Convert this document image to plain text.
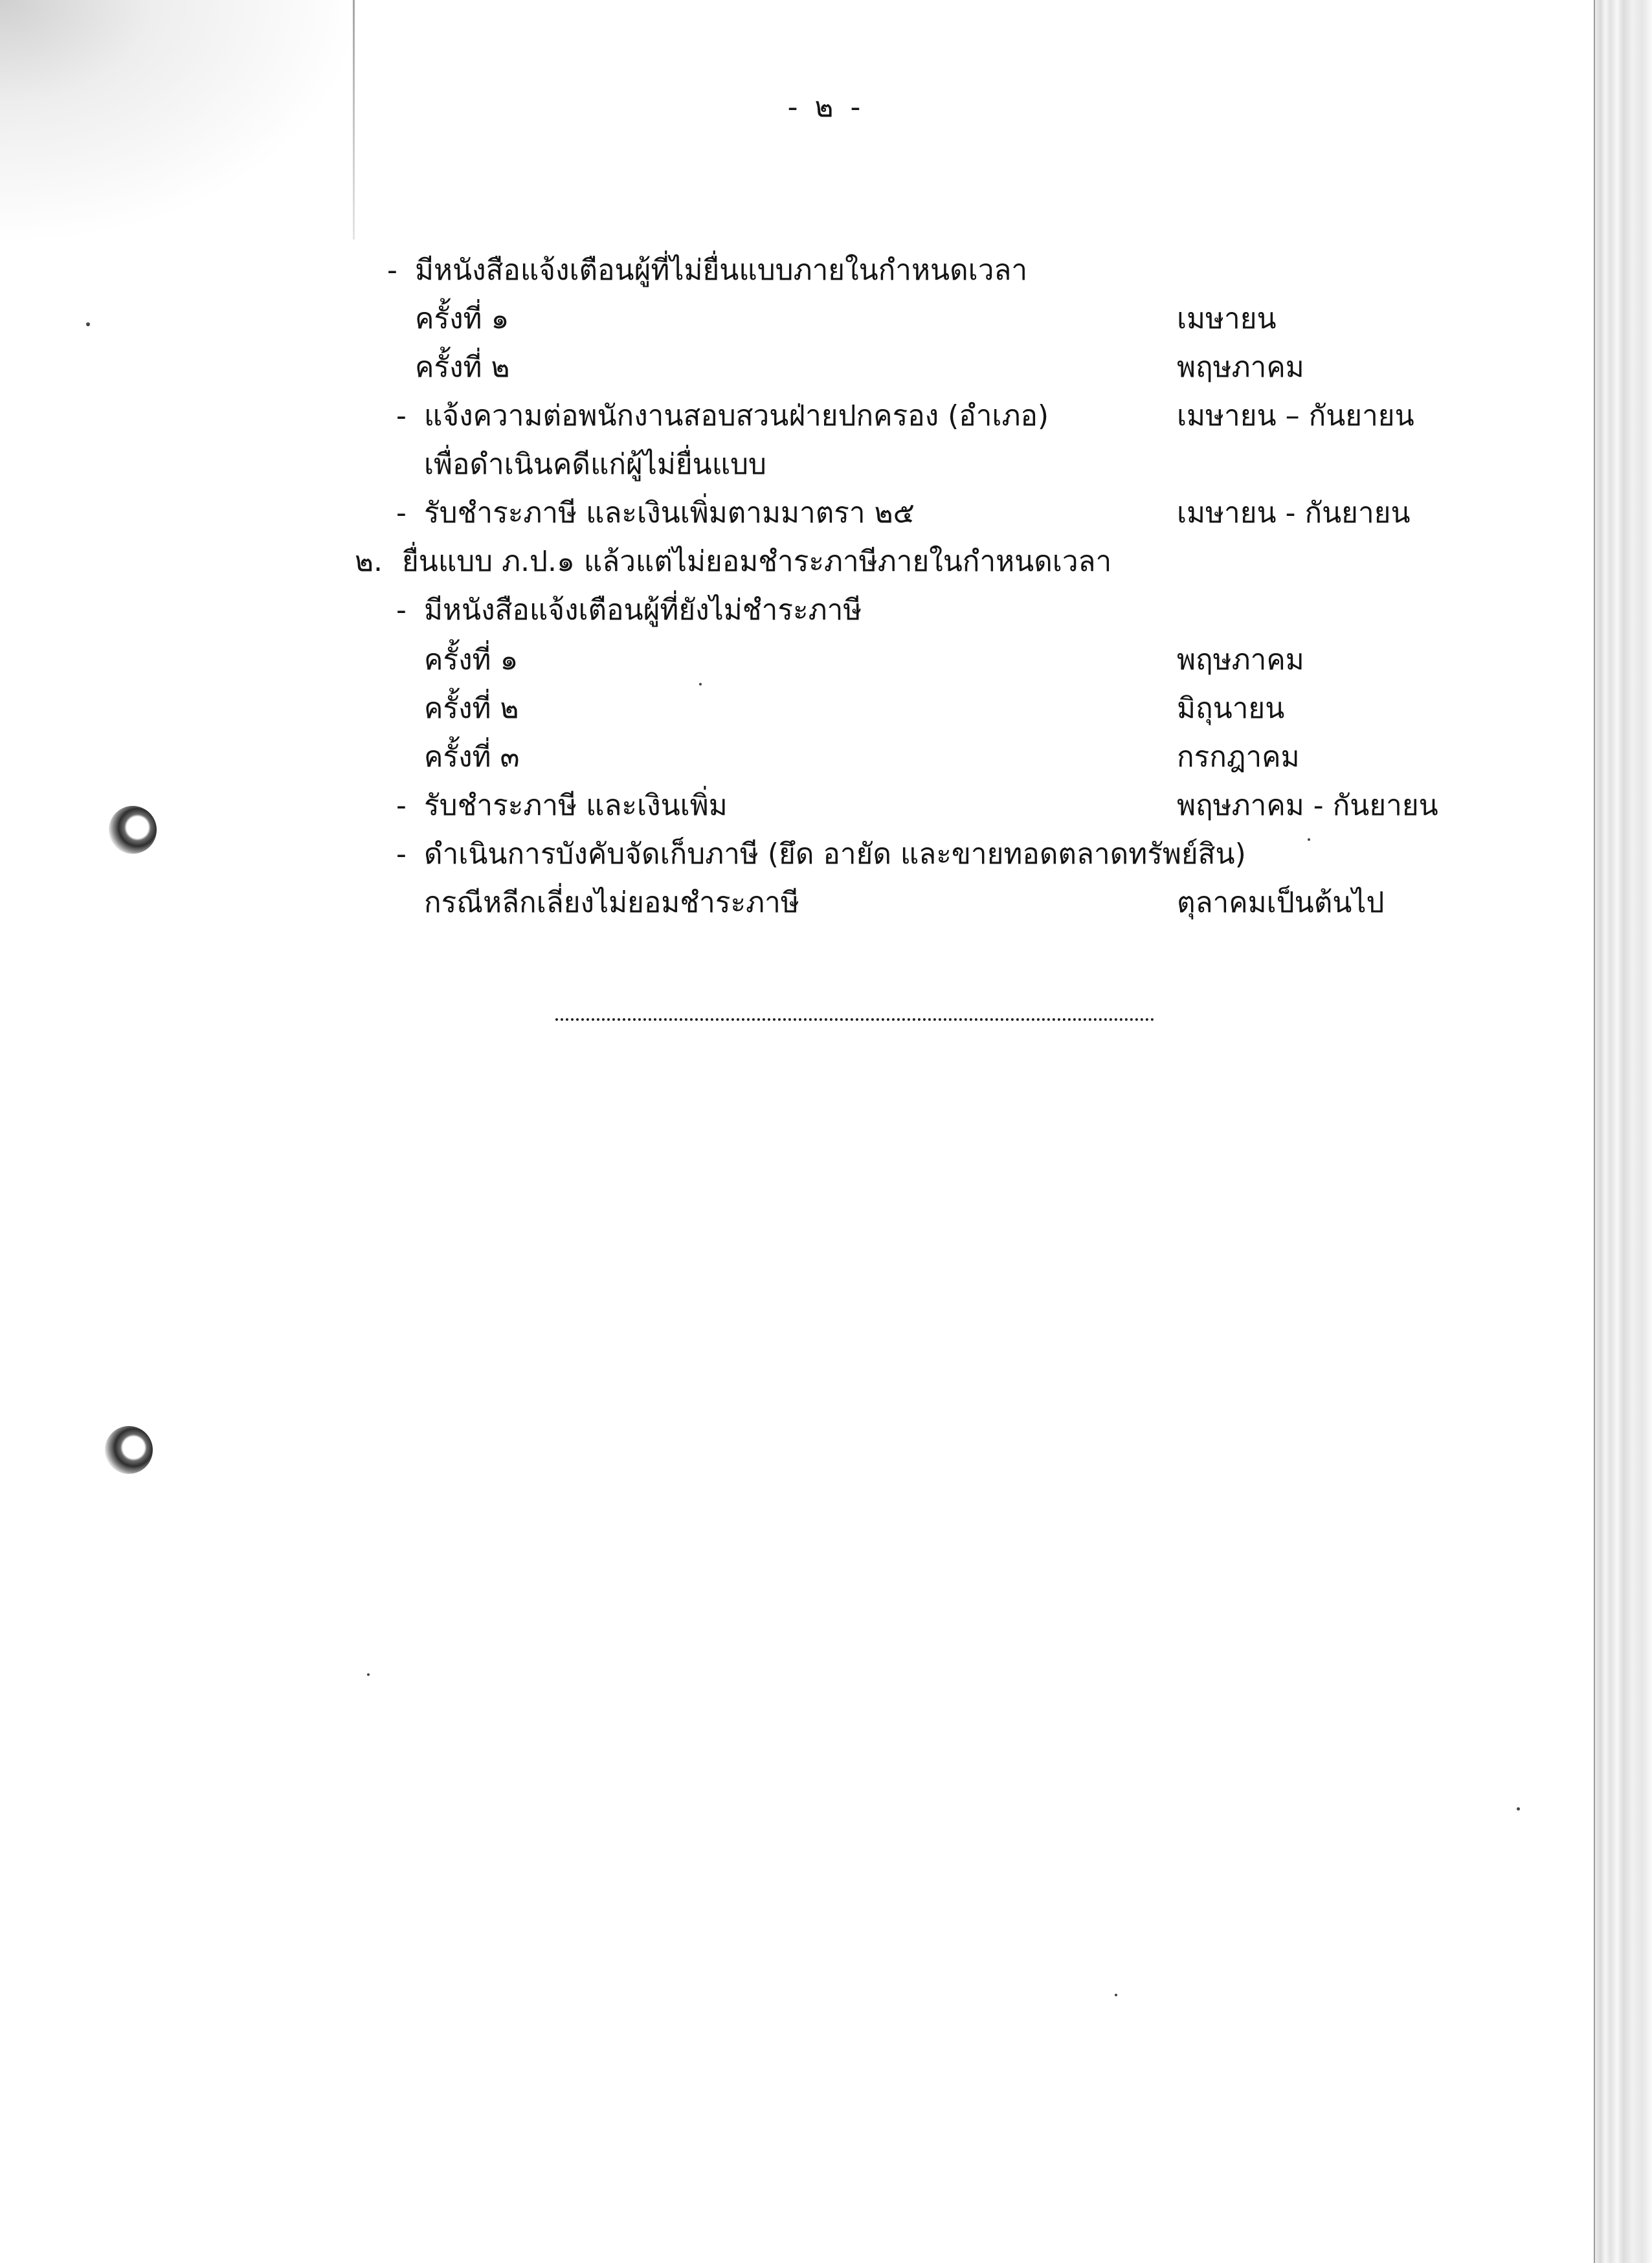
- ๒ -
- มีหนังสือแจ้งเตือนผู้ที่ไม่ยื่นแบบภายในกำหนดเวลา
ครั้งที่ ๑	เมษายน
ครั้งที่ ๒	พฤษภาคม
- แจ้งความต่อพนักงานสอบสวนฝ่ายปกครอง (อำเภอ)	เมษายน – กันยายน
เพื่อดำเนินคดีแก่ผู้ไม่ยื่นแบบ
- รับชำระภาษี และเงินเพิ่มตามมาตรา ๒๕	เมษายน - กันยายน
๒. ยื่นแบบ ภ.ป.๑ แล้วแต่ไม่ยอมชำระภาษีภายในกำหนดเวลา
- มีหนังสือแจ้งเตือนผู้ที่ยังไม่ชำระภาษี
ครั้งที่ ๑	พฤษภาคม
ครั้งที่ ๒	มิถุนายน
ครั้งที่ ๓	กรกฎาคม
- รับชำระภาษี และเงินเพิ่ม	พฤษภาคม - กันยายน
- ดำเนินการบังคับจัดเก็บภาษี (ยึด อายัด และขายทอดตลาดทรัพย์สิน)
กรณีหลีกเลี่ยงไม่ยอมชำระภาษี	ตุลาคมเป็นต้นไป
